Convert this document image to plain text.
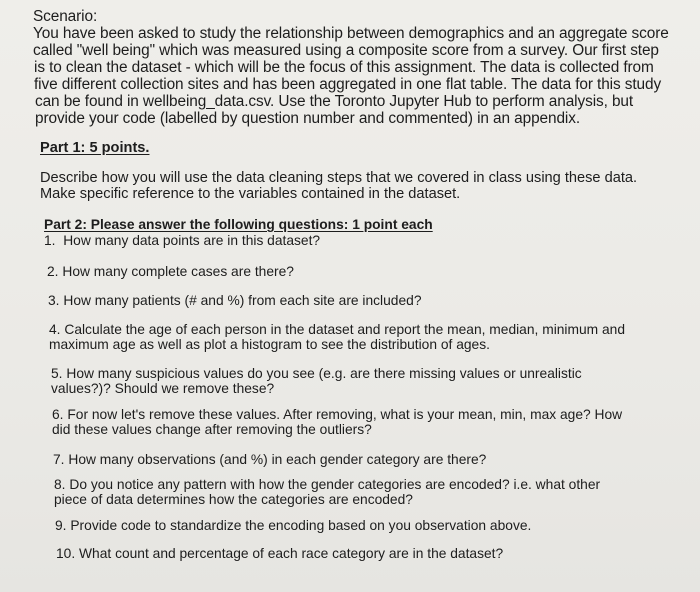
Scenario:
You have been asked to study the relationship between demographics and an aggregate score
called "well being" which was measured using a composite score from a survey. Our first step
is to clean the dataset - which will be the focus of this assignment. The data is collected from
five different collection sites and has been aggregated in one flat table. The data for this study
can be found in wellbeing_data.csv. Use the Toronto Jupyter Hub to perform analysis, but
provide your code (labelled by question number and commented) in an appendix.
Part 1: 5 points.
Describe how you will use the data cleaning steps that we covered in class using these data.
Make specific reference to the variables contained in the dataset.
Part 2: Please answer the following questions: 1 point each
1. How many data points are in this dataset?
2. How many complete cases are there?
3. How many patients (# and %) from each site are included?
4. Calculate the age of each person in the dataset and report the mean, median, minimum and
maximum age as well as plot a histogram to see the distribution of ages.
5. How many suspicious values do you see (e.g. are there missing values or unrealistic
values?)? Should we remove these?
6. For now let's remove these values. After removing, what is your mean, min, max age? How
did these values change after removing the outliers?
7. How many observations (and %) in each gender category are there?
8. Do you notice any pattern with how the gender categories are encoded? i.e. what other
piece of data determines how the categories are encoded?
9. Provide code to standardize the encoding based on you observation above.
10. What count and percentage of each race category are in the dataset?
